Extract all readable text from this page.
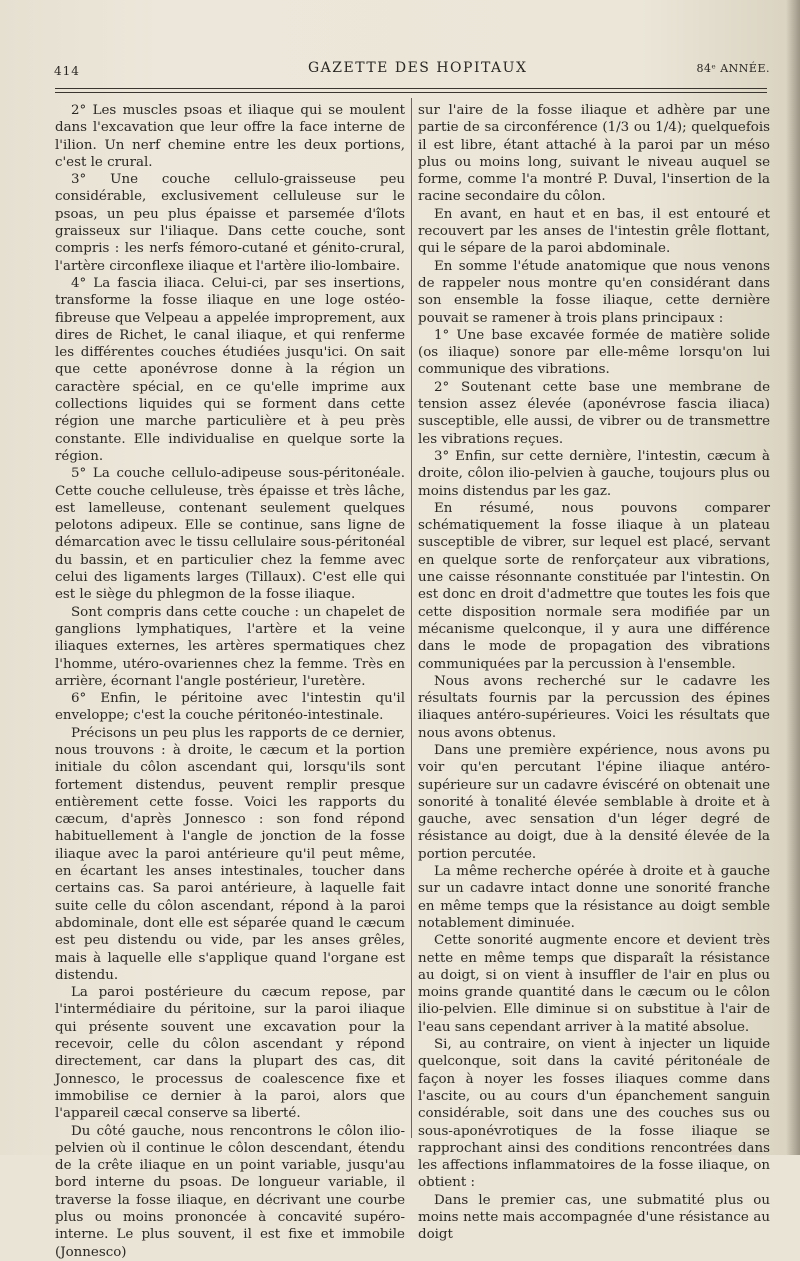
414	GAZETTE DES HOPITAUX	84ᵉ ANNÉE.

2° Les muscles psoas et iliaque qui se moulent dans l'excavation que leur offre la face interne de l'ilion. Un nerf chemine entre les deux portions, c'est le crural.

3° Une couche cellulo-graisseuse peu considérable, exclusivement celluleuse sur le psoas, un peu plus épaisse et parsemée d'îlots graisseux sur l'iliaque. Dans cette couche, sont compris : les nerfs fémoro-cutané et génito-crural, l'artère circonflexe iliaque et l'artère ilio-lombaire.

4° La fascia iliaca. Celui-ci, par ses insertions, transforme la fosse iliaque en une loge ostéo-fibreuse que Velpeau a appelée improprement, aux dires de Richet, le canal iliaque, et qui renferme les différentes couches étudiées jusqu'ici. On sait que cette aponévrose donne à la région un caractère spécial, en ce qu'elle imprime aux collections liquides qui se forment dans cette région une marche particulière et à peu près constante. Elle individualise en quelque sorte la région.

5° La couche cellulo-adipeuse sous-péritonéale. Cette couche celluleuse, très épaisse et très lâche, est lamelleuse, contenant seulement quelques pelotons adipeux. Elle se continue, sans ligne de démarcation avec le tissu cellulaire sous-péritonéal du bassin, et en particulier chez la femme avec celui des ligaments larges (Tillaux). C'est elle qui est le siège du phlegmon de la fosse iliaque.

Sont compris dans cette couche : un chapelet de ganglions lymphatiques, l'artère et la veine iliaques externes, les artères spermatiques chez l'homme, utéro-ovariennes chez la femme. Très en arrière, écornant l'angle postérieur, l'uretère.

6° Enfin, le péritoine avec l'intestin qu'il enveloppe; c'est la couche péritonéo-intestinale.

Précisons un peu plus les rapports de ce dernier, nous trouvons : à droite, le cæcum et la portion initiale du côlon ascendant qui, lorsqu'ils sont fortement distendus, peuvent remplir presque entièrement cette fosse. Voici les rapports du cæcum, d'après Jonnesco : son fond répond habituellement à l'angle de jonction de la fosse iliaque avec la paroi antérieure qu'il peut même, en écartant les anses intestinales, toucher dans certains cas. Sa paroi antérieure, à laquelle fait suite celle du côlon ascendant, répond à la paroi abdominale, dont elle est séparée quand le cæcum est peu distendu ou vide, par les anses grêles, mais à laquelle elle s'applique quand l'organe est distendu.

La paroi postérieure du cæcum repose, par l'intermédiaire du péritoine, sur la paroi iliaque qui présente souvent une excavation pour la recevoir, celle du côlon ascendant y répond directement, car dans la plupart des cas, dit Jonnesco, le processus de coalescence fixe et immobilise ce dernier à la paroi, alors que l'appareil cæcal conserve sa liberté.

Du côté gauche, nous rencontrons le côlon ilio-pelvien où il continue le côlon descendant, étendu de la crête iliaque en un point variable, jusqu'au bord interne du psoas. De longueur variable, il traverse la fosse iliaque, en décrivant une courbe plus ou moins prononcée à concavité supéro-interne. Le plus souvent, il est fixe et immobile (Jonnesco)

sur l'aire de la fosse iliaque et adhère par une partie de sa circonférence (1/3 ou 1/4); quelquefois il est libre, étant attaché à la paroi par un méso plus ou moins long, suivant le niveau auquel se forme, comme l'a montré P. Duval, l'insertion de la racine secondaire du côlon.

En avant, en haut et en bas, il est entouré et recouvert par les anses de l'intestin grêle flottant, qui le sépare de la paroi abdominale.

En somme l'étude anatomique que nous venons de rappeler nous montre qu'en considérant dans son ensemble la fosse iliaque, cette dernière pouvait se ramener à trois plans principaux :

1° Une base excavée formée de matière solide (os iliaque) sonore par elle-même lorsqu'on lui communique des vibrations.

2° Soutenant cette base une membrane de tension assez élevée (aponévrose fascia iliaca) susceptible, elle aussi, de vibrer ou de transmettre les vibrations reçues.

3° Enfin, sur cette dernière, l'intestin, cæcum à droite, côlon ilio-pelvien à gauche, toujours plus ou moins distendus par les gaz.

En résumé, nous pouvons comparer schématiquement la fosse iliaque à un plateau susceptible de vibrer, sur lequel est placé, servant en quelque sorte de renforçateur aux vibrations, une caisse résonnante constituée par l'intestin. On est donc en droit d'admettre que toutes les fois que cette disposition normale sera modifiée par un mécanisme quelconque, il y aura une différence dans le mode de propagation des vibrations communiquées par la percussion à l'ensemble.

Nous avons recherché sur le cadavre les résultats fournis par la percussion des épines iliaques antéro-supérieures. Voici les résultats que nous avons obtenus.

Dans une première expérience, nous avons pu voir qu'en percutant l'épine iliaque antéro-supérieure sur un cadavre éviscéré on obtenait une sonorité à tonalité élevée semblable à droite et à gauche, avec sensation d'un léger degré de résistance au doigt, due à la densité élevée de la portion percutée.

La même recherche opérée à droite et à gauche sur un cadavre intact donne une sonorité franche en même temps que la résistance au doigt semble notablement diminuée.

Cette sonorité augmente encore et devient très nette en même temps que disparaît la résistance au doigt, si on vient à insuffler de l'air en plus ou moins grande quantité dans le cæcum ou le côlon ilio-pelvien. Elle diminue si on substitue à l'air de l'eau sans cependant arriver à la matité absolue.

Si, au contraire, on vient à injecter un liquide quelconque, soit dans la cavité péritonéale de façon à noyer les fosses iliaques comme dans l'ascite, ou au cours d'un épanchement sanguin considérable, soit dans une des couches sus ou sous-aponévrotiques de la fosse iliaque se rapprochant ainsi des conditions rencontrées dans les affections inflammatoires de la fosse iliaque, on obtient :

Dans le premier cas, une submatité plus ou moins nette mais accompagnée d'une résistance au doigt
